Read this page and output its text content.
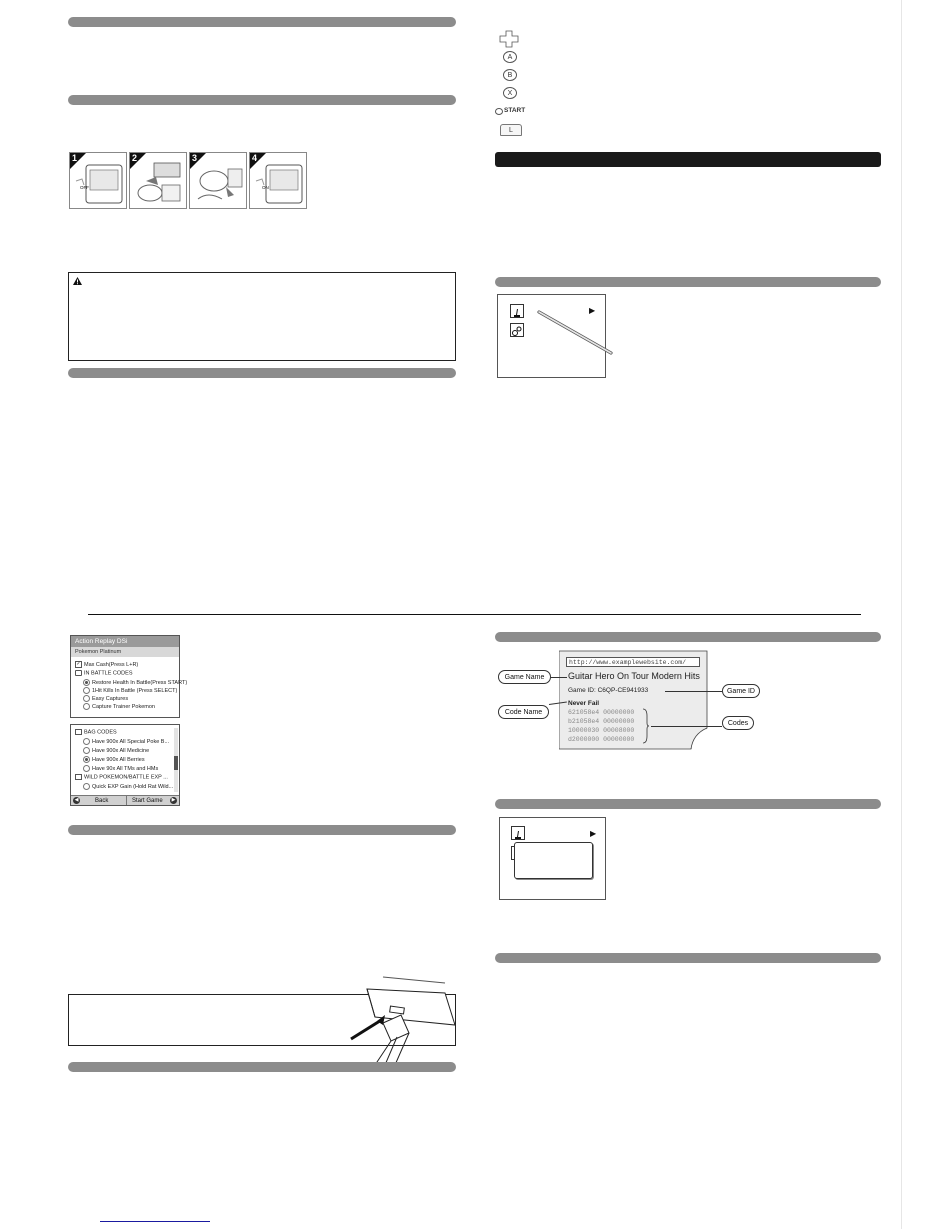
1
OFF
2	3	4
ON
A
B
X
START
L
▶
Action Replay DSi
Pokemon Platinum
✓ Max Cash(Press L+R)
IN BATTLE CODES
Restore Health In Battle(Press START)
1Hit Kills In Battle (Press SELECT)
Easy Captures
Capture Trainer Pokemon
BAG CODES
Have 900x All Special Poke B...
Have 900x All Medicine
Have 900x All Berries
Have 90x All TMs and HMs
WILD POKEMON/BATTLE EXP ...
Quick EXP Gain (Hold Rat Wild...
◀	Back	Start Game	▶
http://www.examplewebsite.com/
Guitar Hero On Tour Modern Hits
Game ID: C6QP-CE941933
Never Fail
621058e4 00000000
b21058e4 00000000
10000030 00008000
d2000000 00000000
Game Name
Code Name
Game ID
Codes
▶
